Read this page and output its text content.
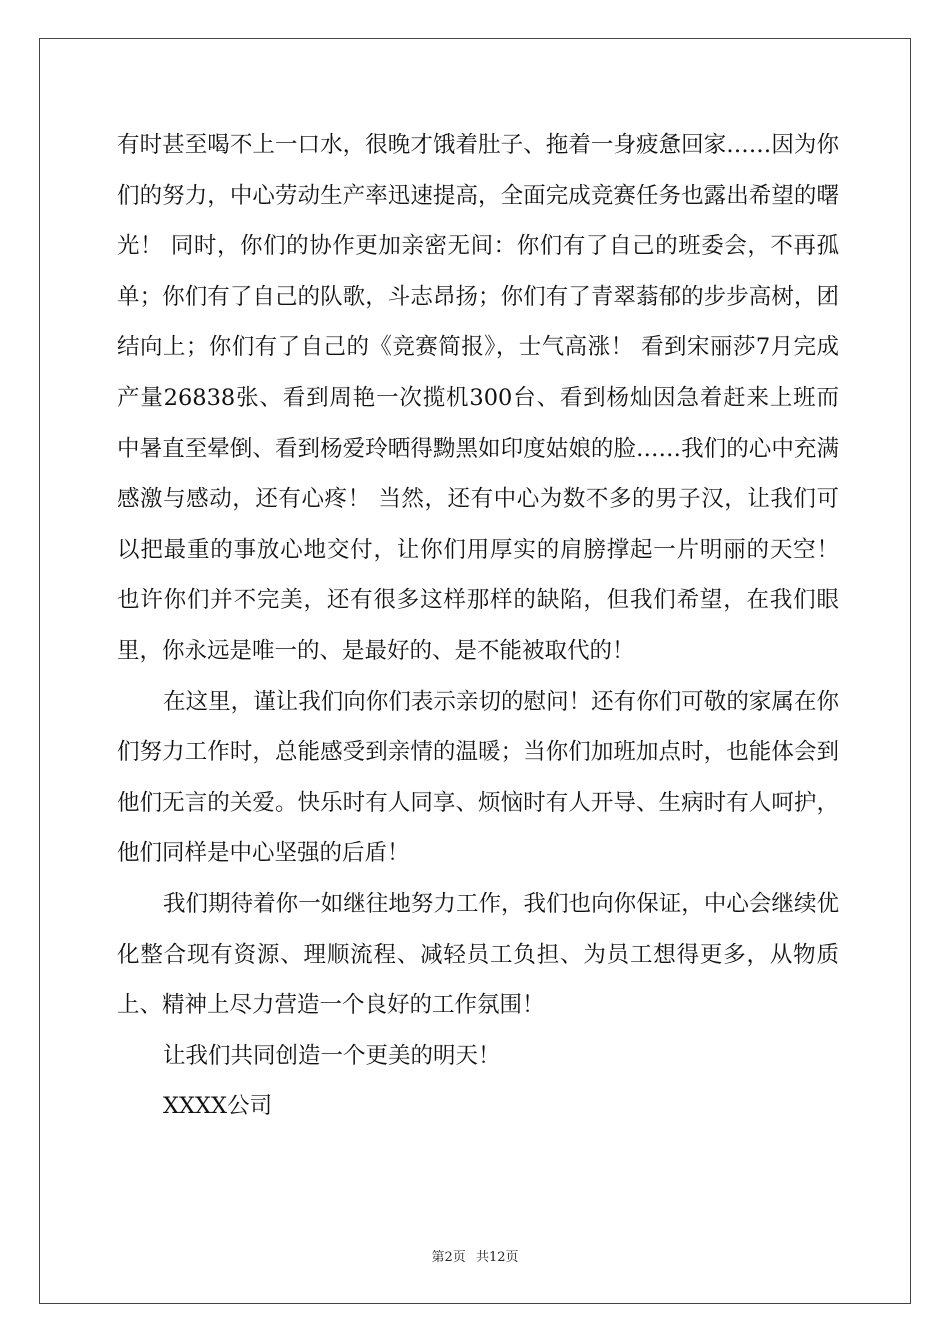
有时甚至喝不上一口水，很晚才饿着肚子、拖着一身疲惫回家……因为你们的努力，中心劳动生产率迅速提高，全面完成竞赛任务也露出希望的曙光！ 同时，你们的协作更加亲密无间：你们有了自己的班委会，不再孤单；你们有了自己的队歌，斗志昂扬；你们有了青翠蓊郁的步步高树，团结向上；你们有了自己的《竞赛简报》，士气高涨！ 看到宋丽莎7月完成产量26838张、看到周艳一次揽机300台、看到杨灿因急着赶来上班而中暑直至晕倒、看到杨爱玲晒得黝黑如印度姑娘的脸……我们的心中充满感激与感动，还有心疼！ 当然，还有中心为数不多的男子汉，让我们可以把最重的事放心地交付，让你们用厚实的肩膀撑起一片明丽的天空！ 也许你们并不完美，还有很多这样那样的缺陷，但我们希望，在我们眼里，你永远是唯一的、是最好的、是不能被取代的！

在这里，谨让我们向你们表示亲切的慰问！还有你们可敬的家属在你们努力工作时，总能感受到亲情的温暖；当你们加班加点时，也能体会到他们无言的关爱。快乐时有人同享、烦恼时有人开导、生病时有人呵护，他们同样是中心坚强的后盾！

我们期待着你一如继往地努力工作，我们也向你保证，中心会继续优化整合现有资源、理顺流程、减轻员工负担、为员工想得更多，从物质上、精神上尽力营造一个良好的工作氛围！

让我们共同创造一个更美的明天！

XXXX公司

第2页 共12页
